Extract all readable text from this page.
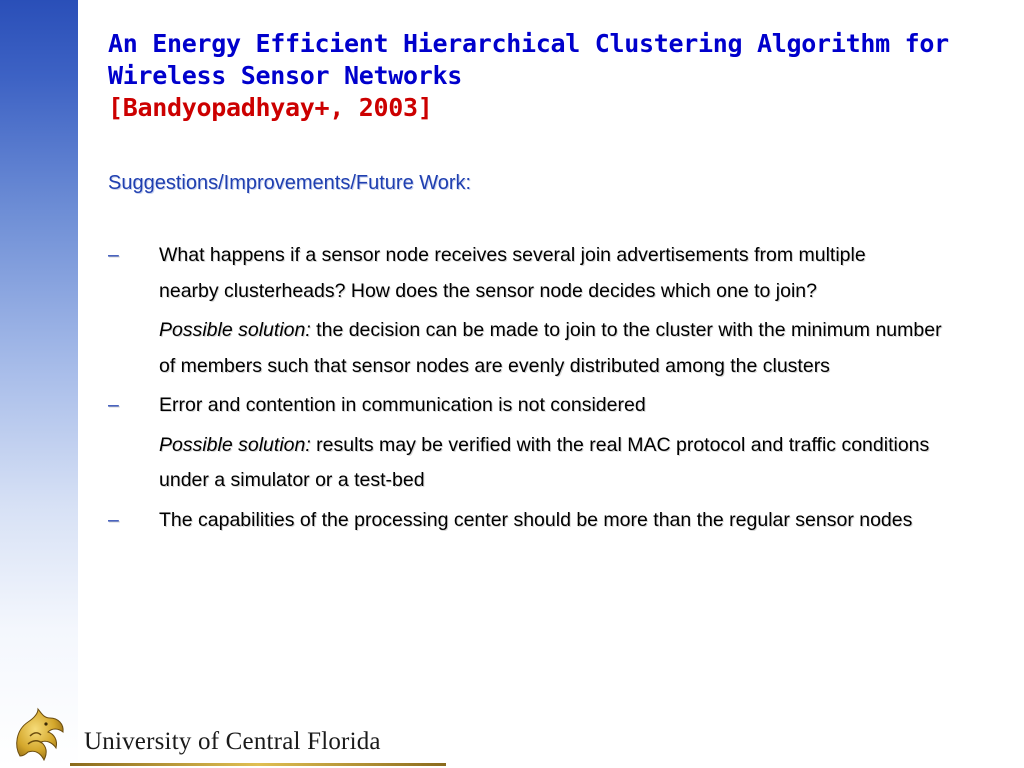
An Energy Efficient Hierarchical Clustering Algorithm for
Wireless Sensor Networks
[Bandyopadhyay+, 2003]
Suggestions/Improvements/Future Work:
–	What happens if a sensor node receives several join advertisements from multiple nearby clusterheads? How does the sensor node decides which one to join?
Possible solution: the decision can be made to join to the cluster with the minimum number of members such that sensor nodes are evenly distributed among the clusters
–	Error and contention in communication is not considered
Possible solution: results may be verified with the real MAC protocol and traffic conditions under a simulator or a test-bed
–	The capabilities of the processing center should be more than the regular sensor nodes
University of Central Florida
